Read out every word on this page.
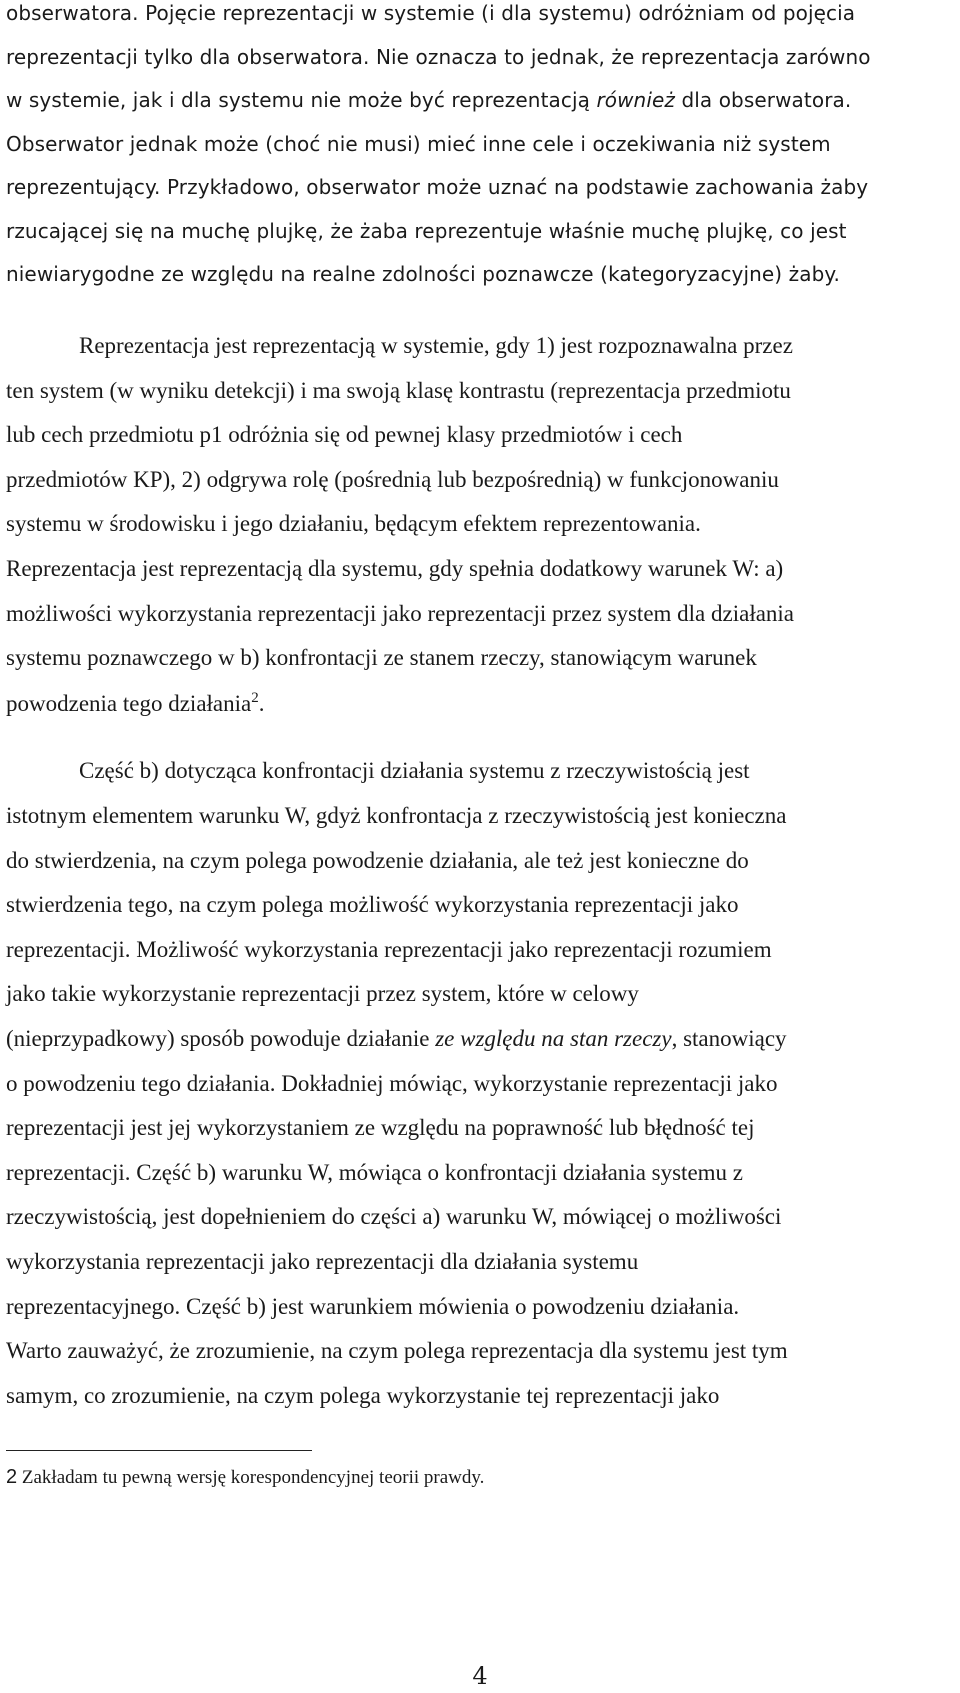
obserwatora. Pojęcie reprezentacji w systemie (i dla systemu) odróżniam od pojęcia

reprezentacji tylko dla obserwatora. Nie oznacza to jednak, że reprezentacja zarówno

w systemie, jak i dla systemu nie może być reprezentacją również dla obserwatora.

Obserwator jednak może (choć nie musi) mieć inne cele i oczekiwania niż system

reprezentujący. Przykładowo, obserwator może uznać na podstawie zachowania żaby

rzucającej się na muchę plujkę, że żaba reprezentuje właśnie muchę plujkę, co jest

niewiarygodne ze względu na realne zdolności poznawcze (kategoryzacyjne) żaby.

Reprezentacja jest reprezentacją w systemie, gdy 1) jest rozpoznawalna przez

ten system (w wyniku detekcji) i ma swoją klasę kontrastu (reprezentacja przedmiotu

lub cech przedmiotu p1 odróżnia się od pewnej klasy przedmiotów i cech

przedmiotów KP), 2) odgrywa rolę (pośrednią lub bezpośrednią) w funkcjonowaniu

systemu w środowisku i jego działaniu, będącym efektem reprezentowania.

Reprezentacja jest reprezentacją dla systemu, gdy spełnia dodatkowy warunek W: a)

możliwości wykorzystania reprezentacji jako reprezentacji przez system dla działania

systemu poznawczego w b) konfrontacji ze stanem rzeczy, stanowiącym warunek

powodzenia tego działania$^2$.

Część b) dotycząca konfrontacji działania systemu z rzeczywistością jest

istotnym elementem warunku W, gdyż konfrontacja z rzeczywistością jest konieczna

do stwierdzenia, na czym polega powodzenie działania, ale też jest konieczne do

stwierdzenia tego, na czym polega możliwość wykorzystania reprezentacji jako

reprezentacji. Możliwość wykorzystania reprezentacji jako reprezentacji rozumiem

jako takie wykorzystanie reprezentacji przez system, które w celowy

(nieprzypadkowy) sposób powoduje działanie ze względu na stan rzeczy, stanowiący

o powodzeniu tego działania. Dokładniej mówiąc, wykorzystanie reprezentacji jako

reprezentacji jest jej wykorzystaniem ze względu na poprawność lub błędność tej

reprezentacji. Część b) warunku W, mówiąca o konfrontacji działania systemu z

rzeczywistością, jest dopełnieniem do części a) warunku W, mówiącej o możliwości

wykorzystania reprezentacji jako reprezentacji dla działania systemu

reprezentacyjnego. Część b) jest warunkiem mówienia o powodzeniu działania.

Warto zauważyć, że zrozumienie, na czym polega reprezentacja dla systemu jest tym

samym, co zrozumienie, na czym polega wykorzystanie tej reprezentacji jako

2 Zakładam tu pewną wersję korespondencyjnej teorii prawdy.
4
